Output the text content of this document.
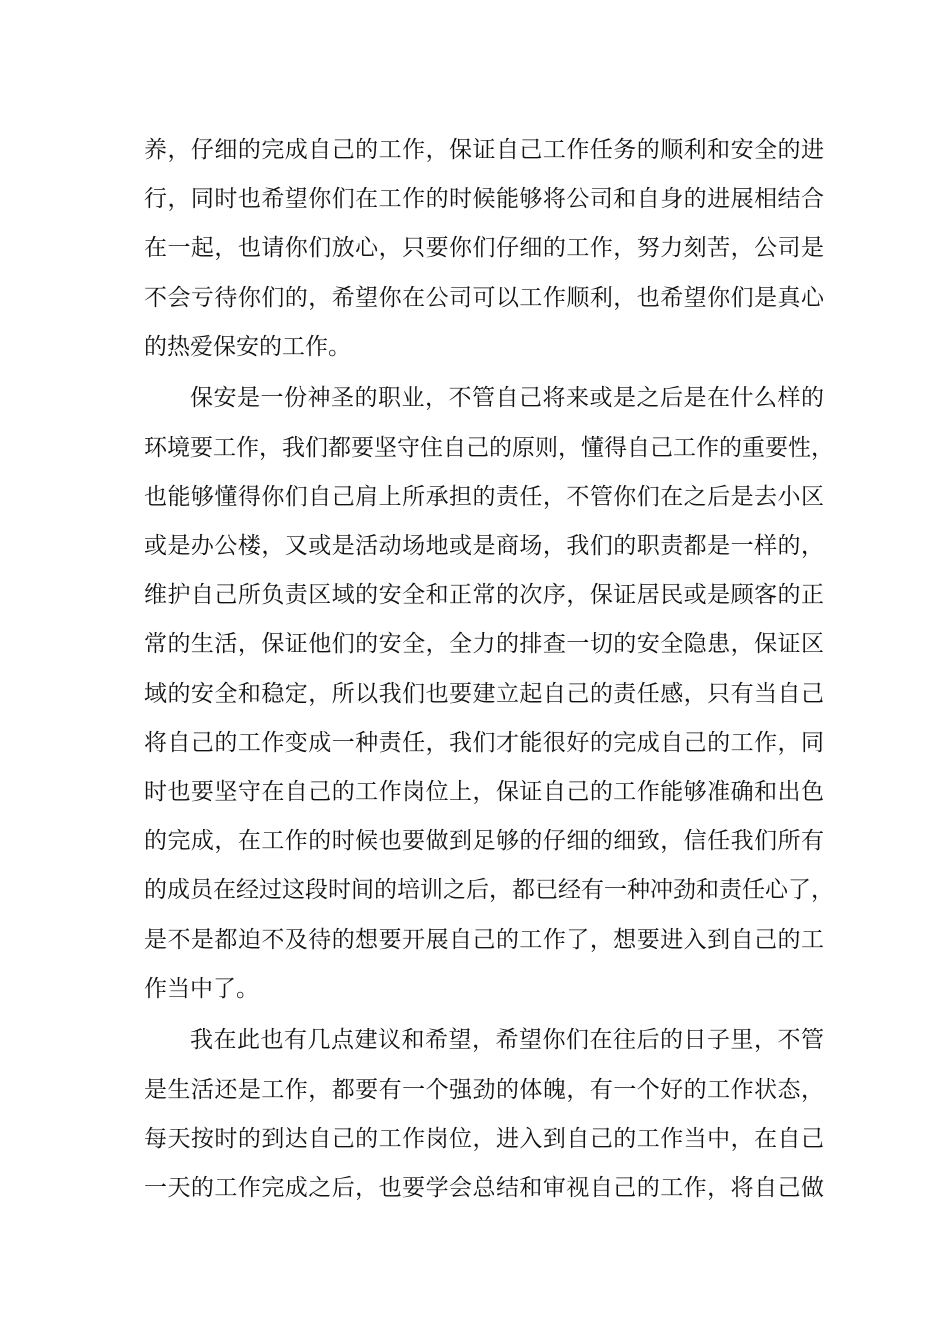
养，仔细的完成自己的工作，保证自己工作任务的顺利和安全的进
行，同时也希望你们在工作的时候能够将公司和自身的进展相结合
在一起，也请你们放心，只要你们仔细的工作，努力刻苦，公司是
不会亏待你们的，希望你在公司可以工作顺利，也希望你们是真心
的热爱保安的工作。
保安是一份神圣的职业，不管自己将来或是之后是在什么样的
环境要工作，我们都要坚守住自己的原则，懂得自己工作的重要性，
也能够懂得你们自己肩上所承担的责任，不管你们在之后是去小区
或是办公楼，又或是活动场地或是商场，我们的职责都是一样的，
维护自己所负责区域的安全和正常的次序，保证居民或是顾客的正
常的生活，保证他们的安全，全力的排查一切的安全隐患，保证区
域的安全和稳定，所以我们也要建立起自己的责任感，只有当自己
将自己的工作变成一种责任，我们才能很好的完成自己的工作，同
时也要坚守在自己的工作岗位上，保证自己的工作能够准确和出色
的完成，在工作的时候也要做到足够的仔细的细致，信任我们所有
的成员在经过这段时间的培训之后，都已经有一种冲劲和责任心了，
是不是都迫不及待的想要开展自己的工作了，想要进入到自己的工
作当中了。
我在此也有几点建议和希望，希望你们在往后的日子里，不管
是生活还是工作，都要有一个强劲的体魄，有一个好的工作状态，
每天按时的到达自己的工作岗位，进入到自己的工作当中，在自己
一天的工作完成之后，也要学会总结和审视自己的工作，将自己做
